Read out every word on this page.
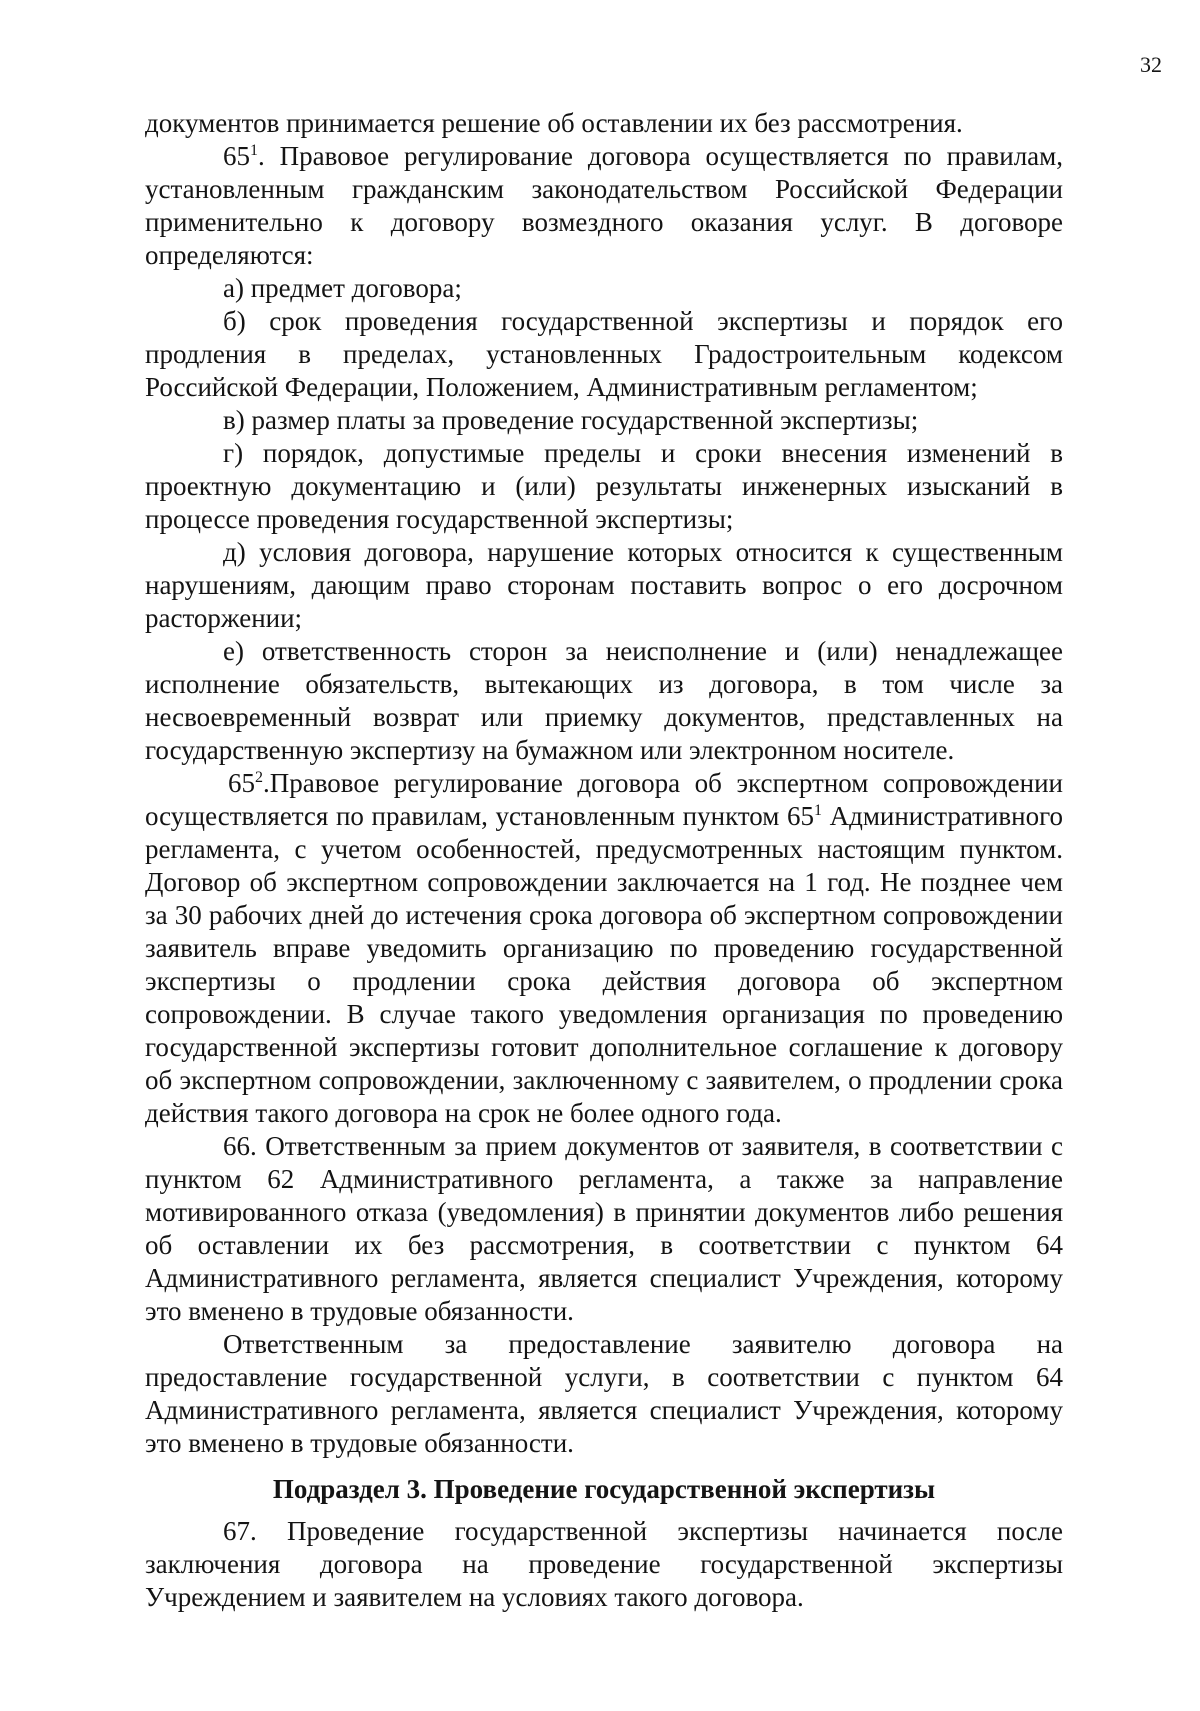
32

документов принимается решение об оставлении их без рассмотрения.

$65^1$. Правовое регулирование договора осуществляется по правилам, установленным гражданским законодательством Российской Федерации применительно к договору возмездного оказания услуг. В договоре определяются:

а) предмет договора;

б) срок проведения государственной экспертизы и порядок его продления в пределах, установленных Градостроительным кодексом Российской Федерации, Положением, Административным регламентом;

в) размер платы за проведение государственной экспертизы;

г) порядок, допустимые пределы и сроки внесения изменений в проектную документацию и (или) результаты инженерных изысканий в процессе проведения государственной экспертизы;

д) условия договора, нарушение которых относится к существенным нарушениям, дающим право сторонам поставить вопрос о его досрочном расторжении;

е) ответственность сторон за неисполнение и (или) ненадлежащее исполнение обязательств, вытекающих из договора, в том числе за несвоевременный возврат или приемку документов, представленных на государственную экспертизу на бумажном или электронном носителе.

$65^2.Правовое$ регулирование договора об экспертном сопровождении осуществляется по правилам, установленным пунктом $65^1$ Административного регламента, с учетом особенностей, предусмотренных настоящим пунктом. Договор об экспертном сопровождении заключается на 1 год. Не позднее чем за 30 рабочих дней до истечения срока договора об экспертном сопровождении заявитель вправе уведомить организацию по проведению государственной экспертизы о продлении срока действия договора об экспертном сопровождении. В случае такого уведомления организация по проведению государственной экспертизы готовит дополнительное соглашение к договору об экспертном сопровождении, заключенному с заявителем, о продлении срока действия такого договора на срок не более одного года.

66. Ответственным за прием документов от заявителя, в соответствии с пунктом 62 Административного регламента, а также за направление мотивированного отказа (уведомления) в принятии документов либо решения об оставлении их без рассмотрения, в соответствии с пунктом 64 Административного регламента, является специалист Учреждения, которому это вменено в трудовые обязанности.

Ответственным за предоставление заявителю договора на предоставление государственной услуги, в соответствии с пунктом 64 Административного регламента, является специалист Учреждения, которому это вменено в трудовые обязанности.

Подраздел 3. Проведение государственной экспертизы

67. Проведение государственной экспертизы начинается после заключения договора на проведение государственной экспертизы Учреждением и заявителем на условиях такого договора.
